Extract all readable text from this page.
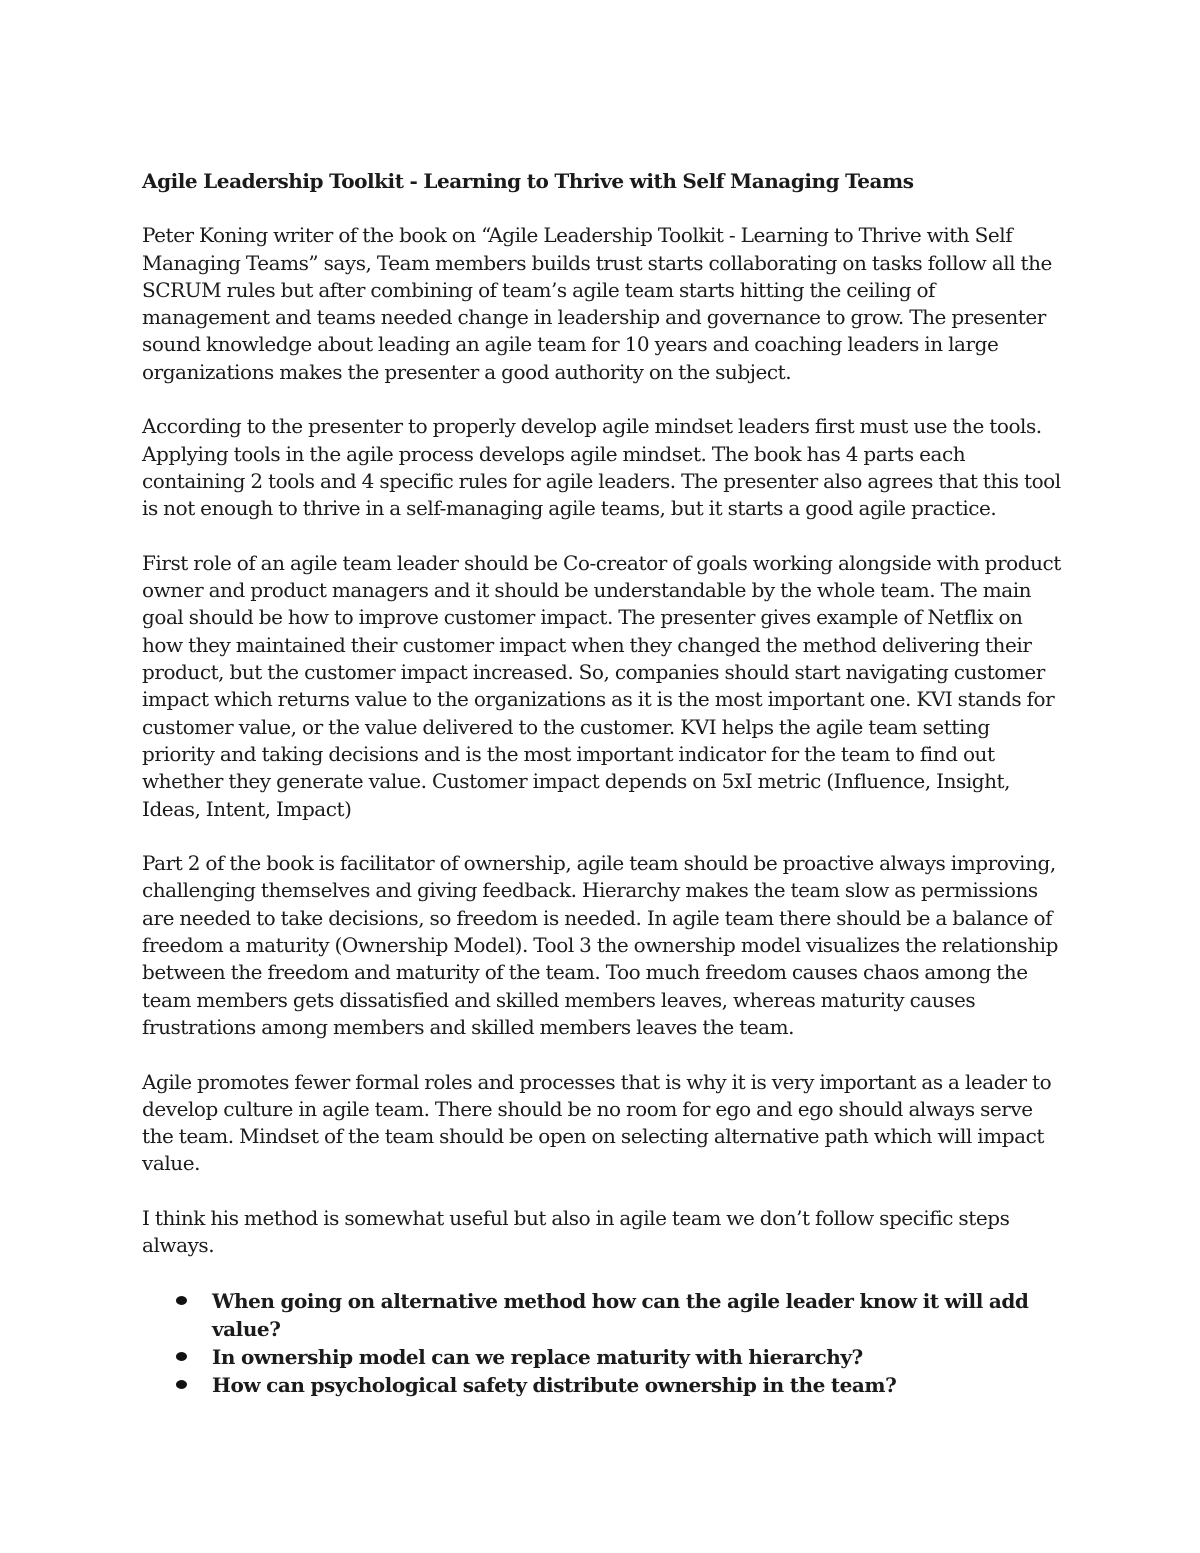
Agile Leadership Toolkit - Learning to Thrive with Self Managing Teams

Peter Koning writer of the book on “Agile Leadership Toolkit - Learning to Thrive with Self Managing Teams” says, Team members builds trust starts collaborating on tasks follow all the SCRUM rules but after combining of team’s agile team starts hitting the ceiling of management and teams needed change in leadership and governance to grow. The presenter sound knowledge about leading an agile team for 10 years and coaching leaders in large organizations makes the presenter a good authority on the subject.

According to the presenter to properly develop agile mindset leaders first must use the tools. Applying tools in the agile process develops agile mindset. The book has 4 parts each containing 2 tools and 4 specific rules for agile leaders. The presenter also agrees that this tool is not enough to thrive in a self-managing agile teams, but it starts a good agile practice.

First role of an agile team leader should be Co-creator of goals working alongside with product owner and product managers and it should be understandable by the whole team. The main goal should be how to improve customer impact. The presenter gives example of Netflix on how they maintained their customer impact when they changed the method delivering their product, but the customer impact increased. So, companies should start navigating customer impact which returns value to the organizations as it is the most important one. KVI stands for customer value, or the value delivered to the customer. KVI helps the agile team setting priority and taking decisions and is the most important indicator for the team to find out whether they generate value. Customer impact depends on 5xI metric (Influence, Insight, Ideas, Intent, Impact)

Part 2 of the book is facilitator of ownership, agile team should be proactive always improving, challenging themselves and giving feedback. Hierarchy makes the team slow as permissions are needed to take decisions, so freedom is needed. In agile team there should be a balance of freedom a maturity (Ownership Model). Tool 3 the ownership model visualizes the relationship between the freedom and maturity of the team. Too much freedom causes chaos among the team members gets dissatisfied and skilled members leaves, whereas maturity causes frustrations among members and skilled members leaves the team.

Agile promotes fewer formal roles and processes that is why it is very important as a leader to develop culture in agile team. There should be no room for ego and ego should always serve the team. Mindset of the team should be open on selecting alternative path which will impact value.

I think his method is somewhat useful but also in agile team we don’t follow specific steps always.

When going on alternative method how can the agile leader know it will add value?
In ownership model can we replace maturity with hierarchy?
How can psychological safety distribute ownership in the team?
